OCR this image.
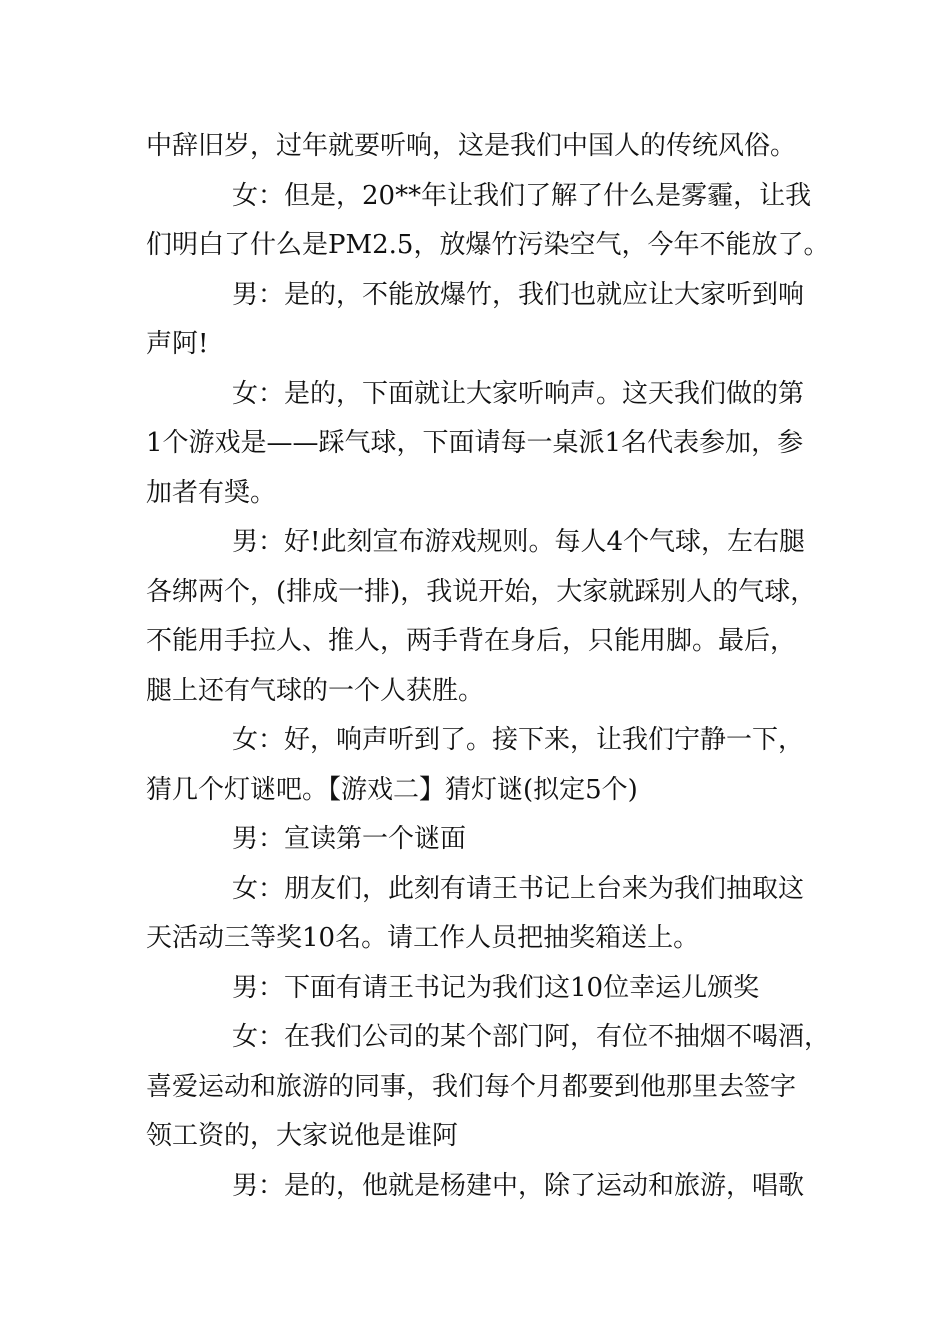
中辞旧岁，过年就要听响，这是我们中国人的传统风俗。
女：但是，20**年让我们了解了什么是雾霾，让我
们明白了什么是PM2.5，放爆竹污染空气，今年不能放了。
男：是的，不能放爆竹，我们也就应让大家听到响
声阿!
女：是的，下面就让大家听响声。这天我们做的第
1个游戏是——踩气球，下面请每一桌派1名代表参加，参
加者有奨。
男：好!此刻宣布游戏规则。每人4个气球，左右腿
各绑两个，(排成一排)，我说开始，大家就踩别人的气球，
不能用手拉人、推人，两手背在身后，只能用脚。最后，
腿上还有气球的一个人获胜。
女：好，响声听到了。接下来，让我们宁静一下，
猜几个灯谜吧。【游戏二】猜灯谜(拟定5个)
男：宣读第一个谜面
女：朋友们，此刻有请王书记上台来为我们抽取这
天活动三等奖10名。请工作人员把抽奖箱送上。
男：下面有请王书记为我们这10位幸运儿颁奖
女：在我们公司的某个部门阿，有位不抽烟不喝酒，
喜爱运动和旅游的同事，我们每个月都要到他那里去签字
领工资的，大家说他是谁阿
男：是的，他就是杨建中，除了运动和旅游，唱歌
